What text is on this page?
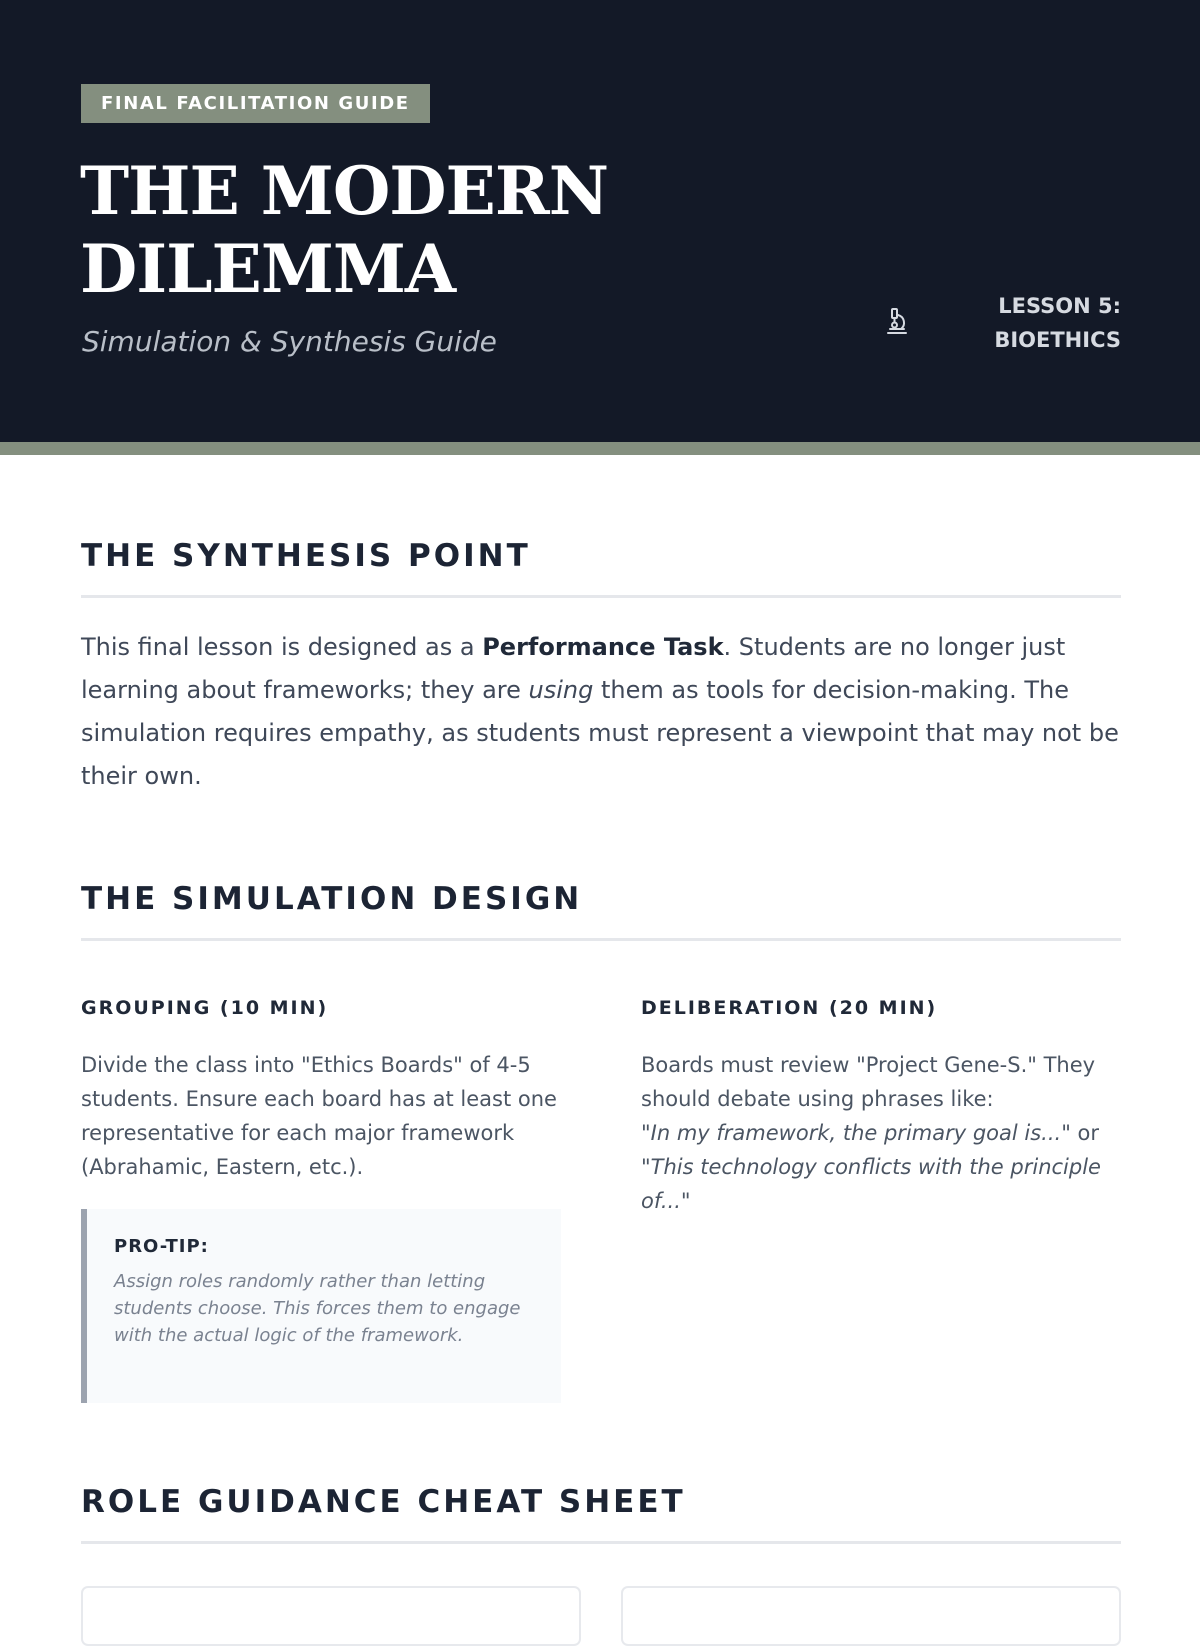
FINAL FACILITATION GUIDE
THE MODERN
DILEMMA
Simulation & Synthesis Guide
LESSON 5:
BIOETHICS
THE SYNTHESIS POINT

This final lesson is designed as a Performance Task. Students are no longer just learning about frameworks; they are using them as tools for decision-making. The simulation requires empathy, as students must represent a viewpoint that may not be their own.

THE SIMULATION DESIGN
GROUPING (10 MIN)

Divide the class into "Ethics Boards" of 4-5 students. Ensure each board has at least one representative for each major framework (Abrahamic, Eastern, etc.).

PRO-TIP:

Assign roles randomly rather than letting students choose. This forces them to engage with the actual logic of the framework.

DELIBERATION (20 MIN)

Boards must review "Project Gene-S." They should debate using phrases like:
"In my framework, the primary goal is..." or "This technology conflicts with the principle of..."

ROLE GUIDANCE CHEAT SHEET
